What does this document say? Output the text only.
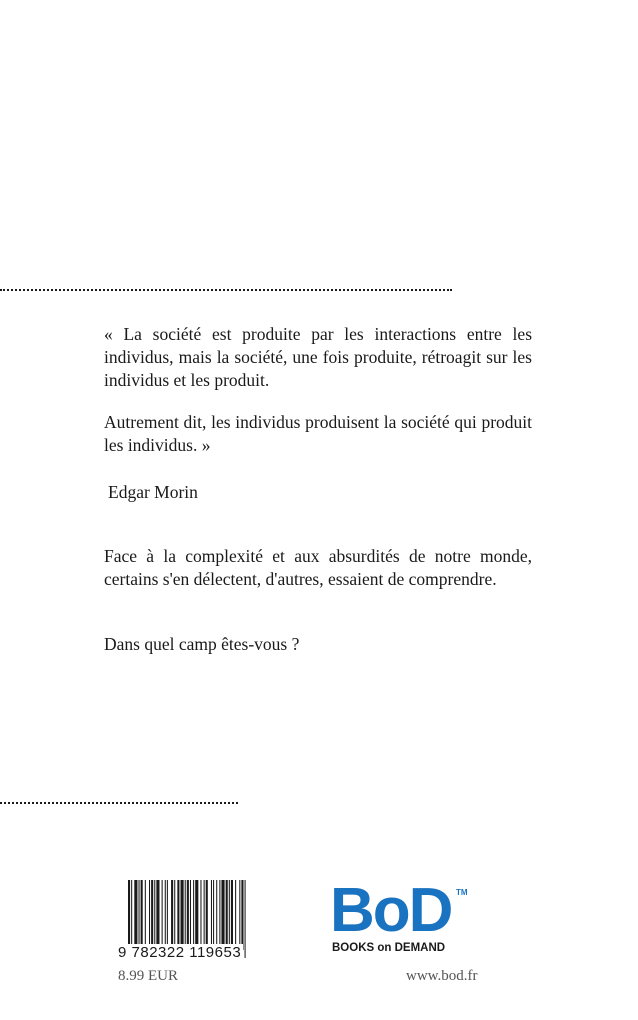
« La société est produite par les interactions entre les individus, mais la société, une fois produite, rétroagit sur les individus et les produit.

Autrement dit, les individus produisent la société qui produit les individus. »

Edgar Morin

Face à la complexité et aux absurdités de notre monde, certains s'en délectent, d'autres, essaient de comprendre.

Dans quel camp êtes-vous ?

9 782322 119653
BoD TM
BOOKS on DEMAND
8.99 EUR	www.bod.fr
